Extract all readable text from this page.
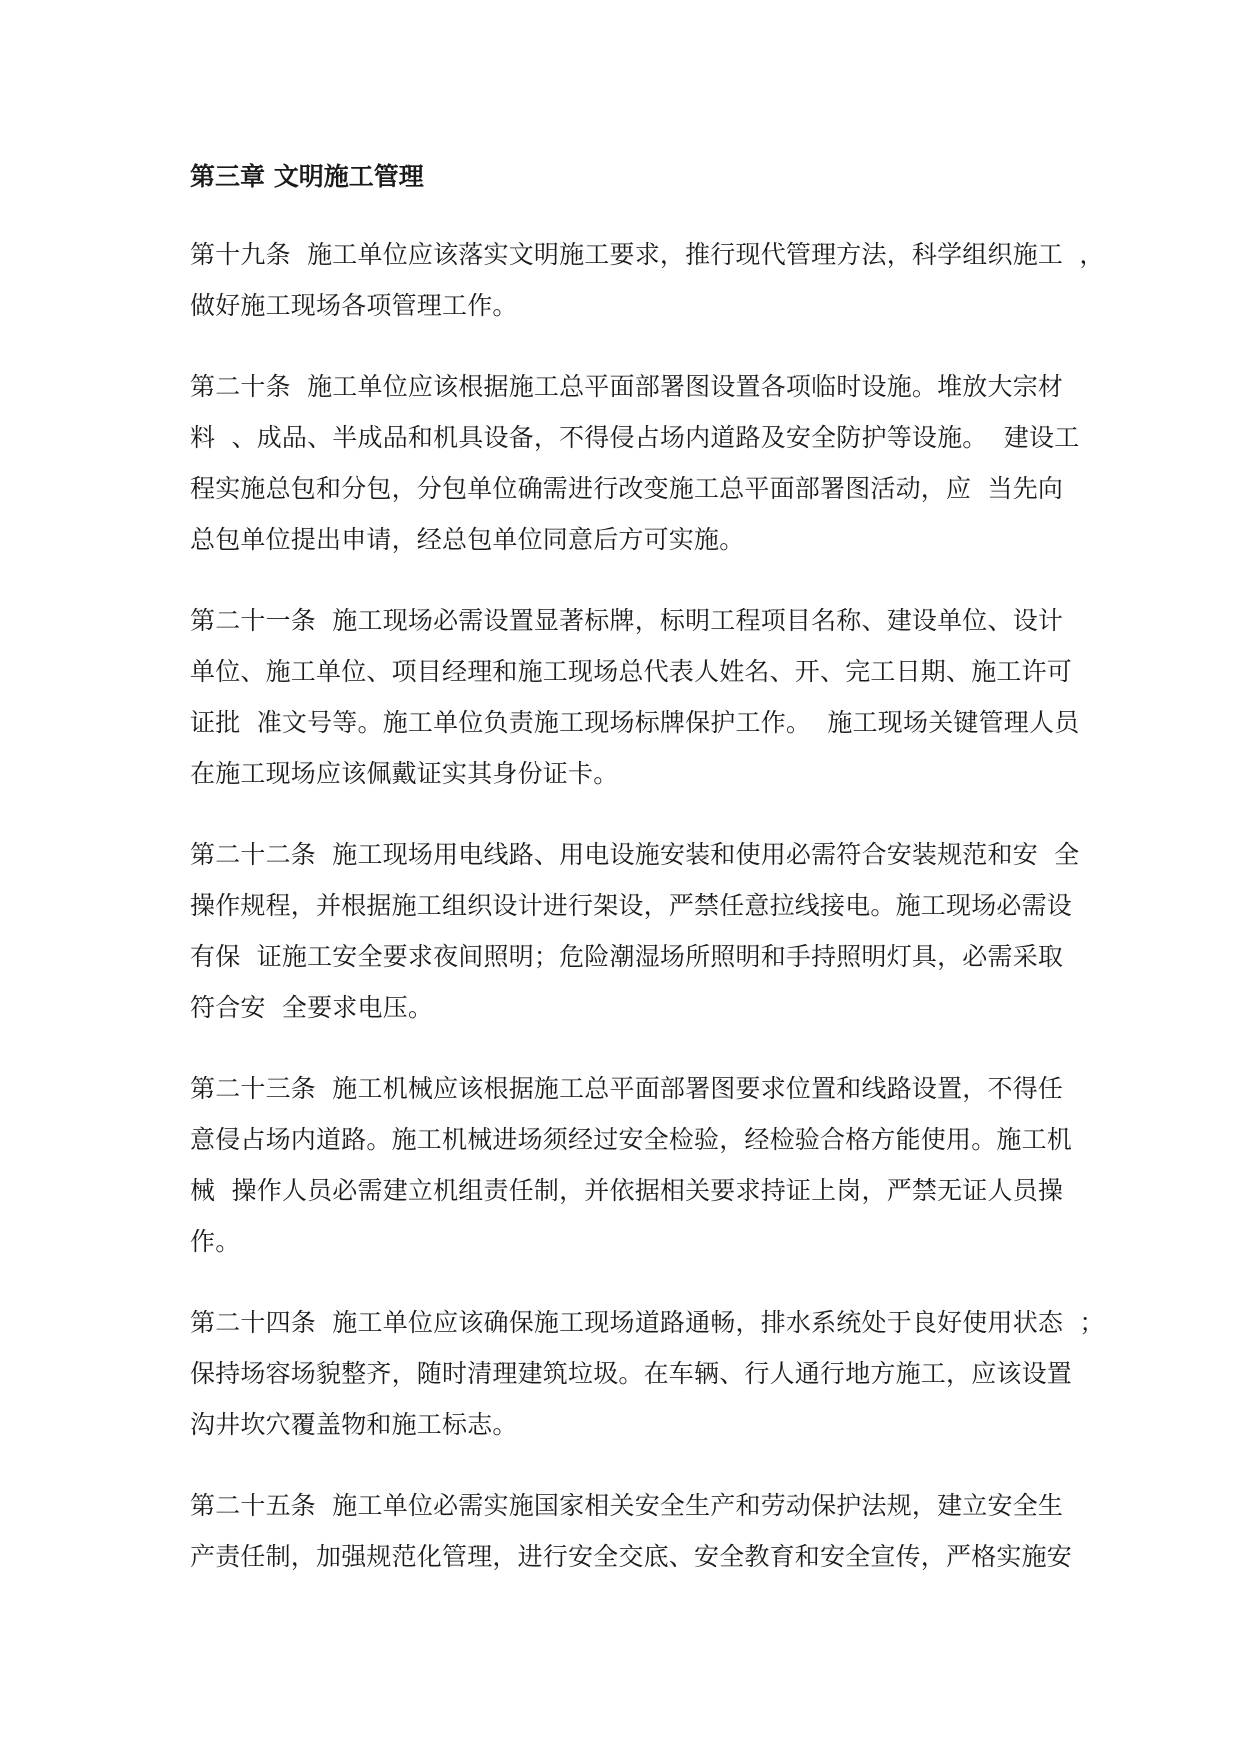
第三章 文明施工管理
第十九条  施工单位应该落实文明施工要求，推行现代管理方法，科学组织施工  ，
做好施工现场各项管理工作。
第二十条  施工单位应该根据施工总平面部署图设置各项临时设施。堆放大宗材
料  、成品、半成品和机具设备，不得侵占场内道路及安全防护等设施。  建设工
程实施总包和分包，分包单位确需进行改变施工总平面部署图活动，应  当先向
总包单位提出申请，经总包单位同意后方可实施。
第二十一条  施工现场必需设置显著标牌，标明工程项目名称、建设单位、设计
单位、施工单位、项目经理和施工现场总代表人姓名、开、完工日期、施工许可
证批  准文号等。施工单位负责施工现场标牌保护工作。  施工现场关键管理人员
在施工现场应该佩戴证实其身份证卡。
第二十二条  施工现场用电线路、用电设施安装和使用必需符合安装规范和安  全
操作规程，并根据施工组织设计进行架设，严禁任意拉线接电。施工现场必需设
有保  证施工安全要求夜间照明；危险潮湿场所照明和手持照明灯具，必需采取
符合安  全要求电压。
第二十三条  施工机械应该根据施工总平面部署图要求位置和线路设置，不得任
意侵占场内道路。施工机械进场须经过安全检验，经检验合格方能使用。施工机
械  操作人员必需建立机组责任制，并依据相关要求持证上岗，严禁无证人员操
作。
第二十四条  施工单位应该确保施工现场道路通畅，排水系统处于良好使用状态  ；
保持场容场貌整齐，随时清理建筑垃圾。在车辆、行人通行地方施工，应该设置
沟井坎穴覆盖物和施工标志。
第二十五条  施工单位必需实施国家相关安全生产和劳动保护法规，建立安全生
产责任制，加强规范化管理，进行安全交底、安全教育和安全宣传，严格实施安
